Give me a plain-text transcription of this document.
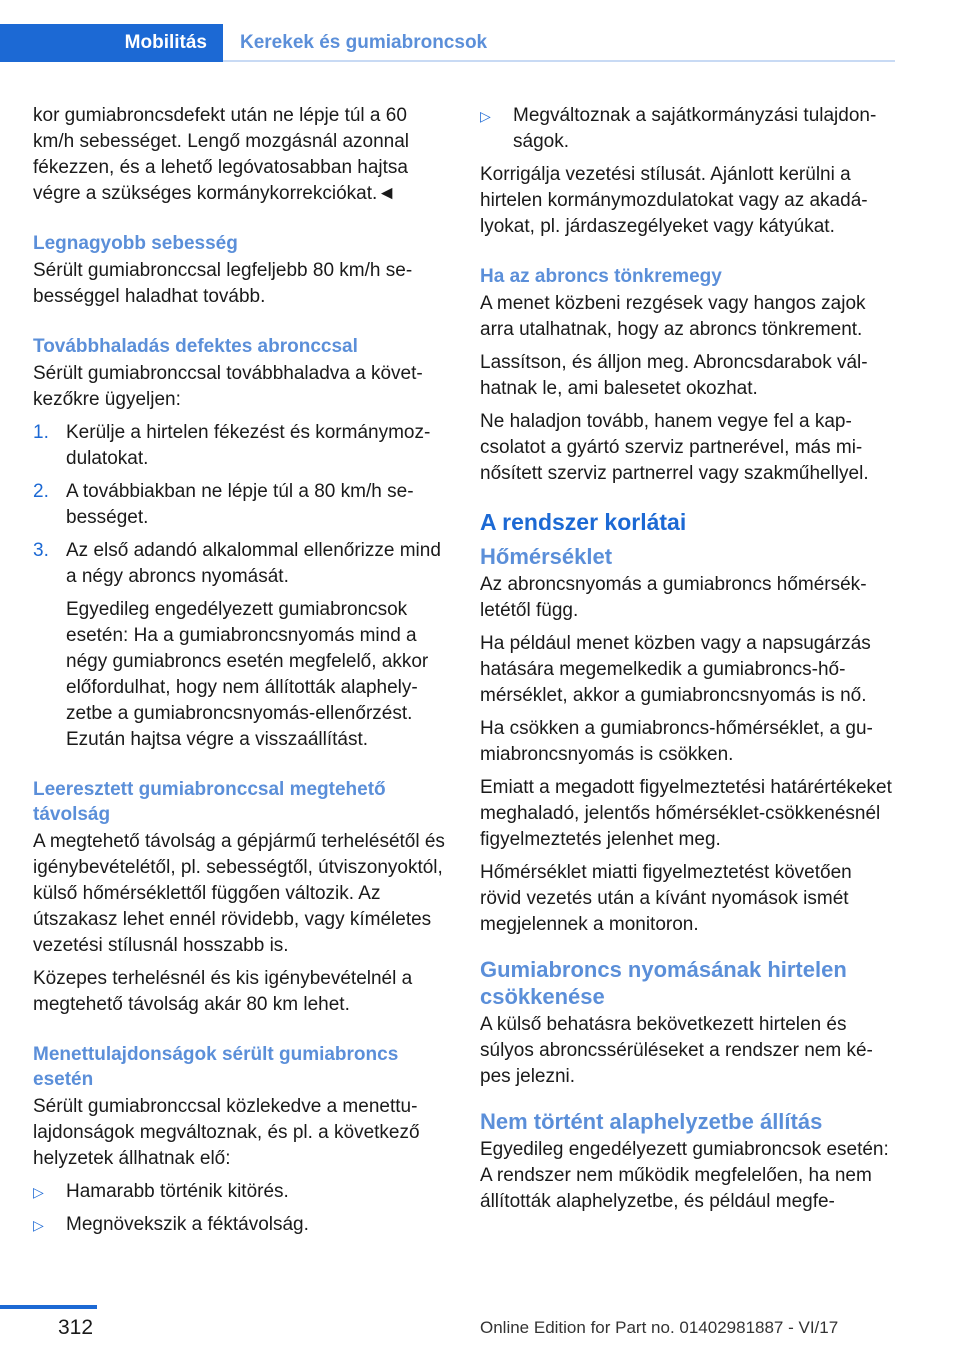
Mobilitás	Kerekek és gumiabroncsok

kor gumiabroncsdefekt után ne lépje túl a 60 km/h sebességet. Lengő mozgásnál azonnal fékezzen, és a lehető legóvatosabban hajtsa végre a szükséges kormánykorrekciókat.◄

Legnagyobb sebesség

Sérült gumiabronccsal legfeljebb 80 km/h sebességgel haladhat tovább.

Továbbhaladás defektes abronccsal

Sérült gumiabronccsal továbbhaladva a következőkre ügyeljen:

1. Kerülje a hirtelen fékezést és kormánymozdulatokat.
2. A továbbiakban ne lépje túl a 80 km/h sebességet.
3. Az első adandó alkalommal ellenőrizze mind a négy abroncs nyomását.

Egyedileg engedélyezett gumiabroncsok esetén: Ha a gumiabroncsnyomás mind a négy gumiabroncs esetén megfelelő, akkor előfordulhat, hogy nem állították alaphelyzetbe a gumiabroncsnyomás-ellenőrzést. Ezután hajtsa végre a visszaállítást.

Leeresztett gumiabronccsal megtehető távolság

A megtehető távolság a gépjármű terhelésétől és igénybevételétől, pl. sebességtől, útviszonyoktól, külső hőmérséklettől függően változik. Az útszakasz lehet ennél rövidebb, vagy kíméletes vezetési stílusnál hosszabb is.

Közepes terhelésnél és kis igénybevételnél a megtehető távolság akár 80 km lehet.

Menettulajdonságok sérült gumiabroncs esetén

Sérült gumiabronccsal közlekedve a menettulajdonságok megváltoznak, és pl. a következő helyzetek állhatnak elő:

▷ Hamarabb történik kitörés.
▷ Megnövekszik a féktávolság.
▷ Megváltoznak a sajátkormányzási tulajdonságok.

Korrigálja vezetési stílusát. Ajánlott kerülni a hirtelen kormánymozdulatokat vagy az akadályokat, pl. járdaszegélyeket vagy kátyúkat.

Ha az abroncs tönkremegy

A menet közbeni rezgések vagy hangos zajok arra utalhatnak, hogy az abroncs tönkrement.

Lassítson, és álljon meg. Abroncsdarabok válhatnak le, ami balesetet okozhat.

Ne haladjon tovább, hanem vegye fel a kapcsolatot a gyártó szerviz partnerével, más minősített szerviz partnerrel vagy szakműhellyel.

A rendszer korlátai
Hőmérséklet

Az abroncsnyomás a gumiabroncs hőmérsékletétől függ.

Ha például menet közben vagy a napsugárzás hatására megemelkedik a gumiabroncs-hőmérséklet, akkor a gumiabroncsnyomás is nő.

Ha csökken a gumiabroncs-hőmérséklet, a gumiabroncsnyomás is csökken.

Emiatt a megadott figyelmeztetési határértékeket meghaladó, jelentős hőmérséklet-csökkenésnél figyelmeztetés jelenhet meg.

Hőmérséklet miatti figyelmeztetést követően rövid vezetés után a kívánt nyomások ismét megjelennek a monitoron.

Gumiabroncs nyomásának hirtelen csökkenése

A külső behatásra bekövetkezett hirtelen és súlyos abroncssérüléseket a rendszer nem képes jelezni.

Nem történt alaphelyzetbe állítás

Egyedileg engedélyezett gumiabroncsok esetén: A rendszer nem működik megfelelően, ha nem állították alaphelyzetbe, és például megfe-

312	Online Edition for Part no. 01402981887 - VI/17
